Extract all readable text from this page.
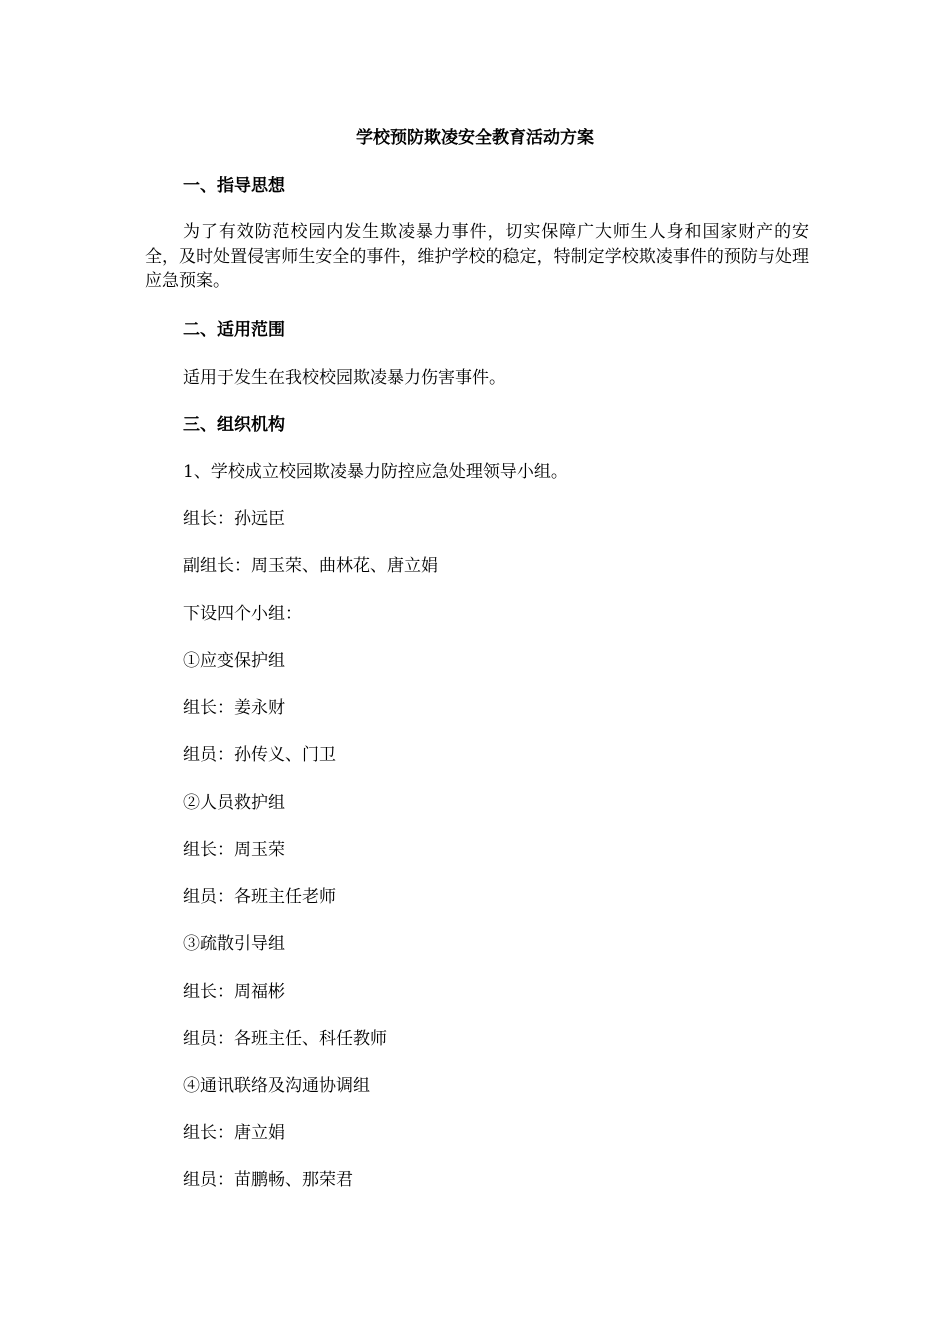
学校预防欺凌安全教育活动方案
一、指导思想

为了有效防范校园内发生欺凌暴力事件，切实保障广大师生人身和国家财产的安全，及时处置侵害师生安全的事件，维护学校的稳定，特制定学校欺凌事件的预防与处理应急预案。

二、适用范围

适用于发生在我校校园欺凌暴力伤害事件。

三、组织机构

1、学校成立校园欺凌暴力防控应急处理领导小组。

组长：孙远臣

副组长：周玉荣、曲林花、唐立娟

下设四个小组：

①应变保护组

组长：姜永财

组员：孙传义、门卫

②人员救护组

组长：周玉荣

组员：各班主任老师

③疏散引导组

组长：周福彬

组员：各班主任、科任教师

④通讯联络及沟通协调组

组长：唐立娟

组员：苗鹏畅、那荣君
